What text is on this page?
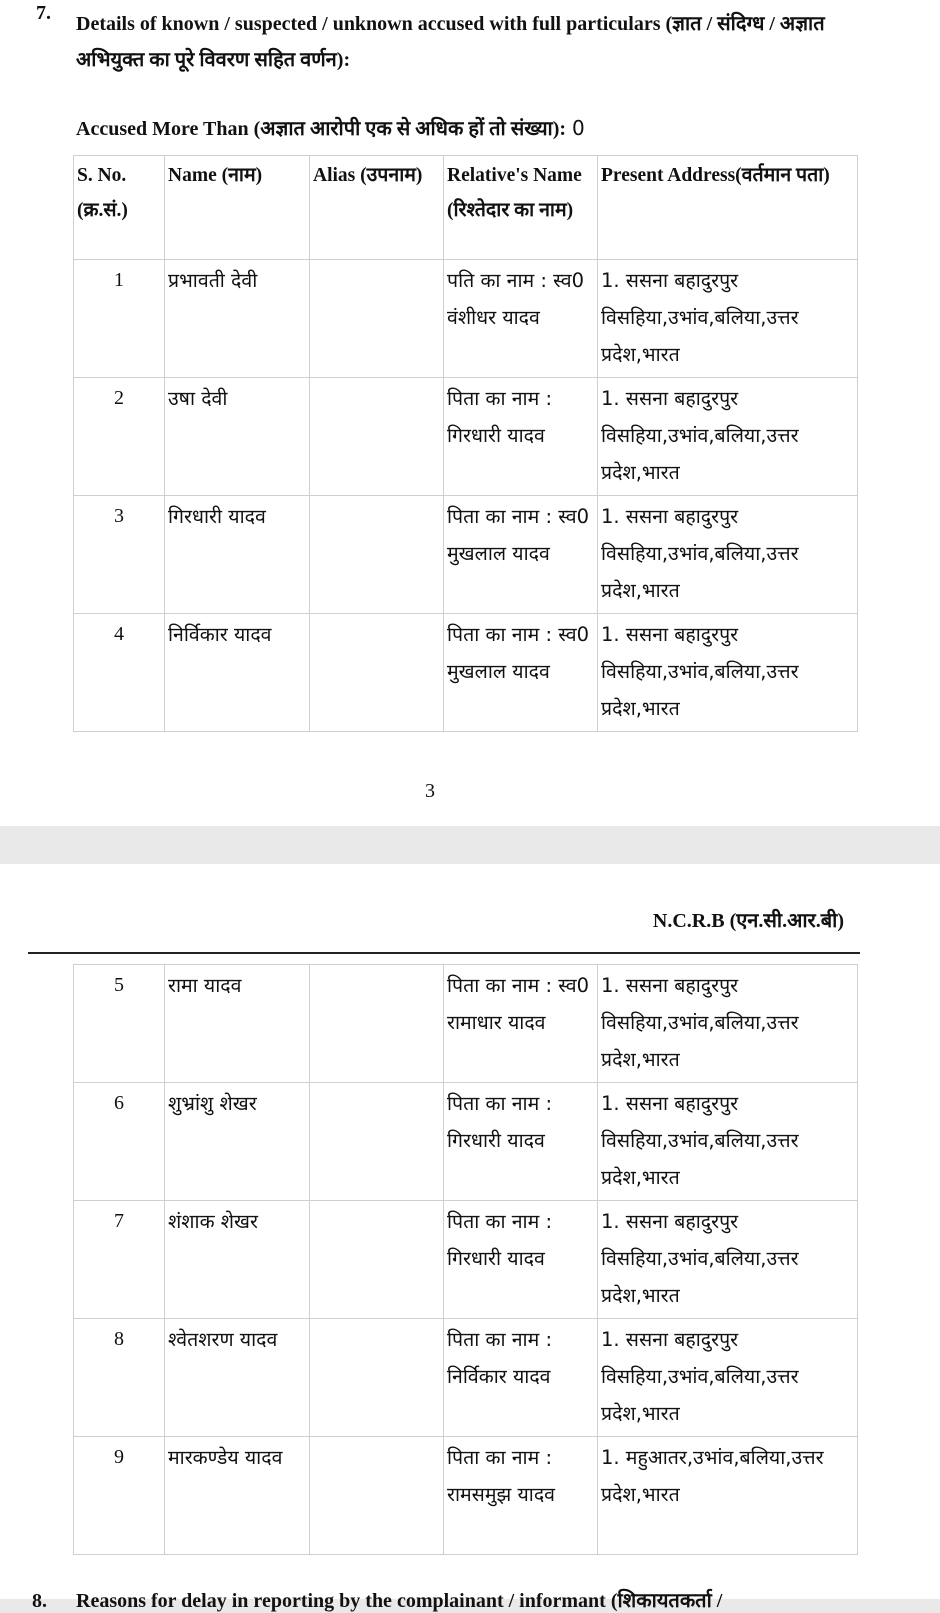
7. Details of known / suspected / unknown accused with full particulars (ज्ञात / संदिग्ध / अज्ञात अभियुक्त का पूरे विवरण सहित वर्णन):
Accused More Than (अज्ञात आरोपी एक से अधिक हों तो संख्या): 0
S. No. (क्र.सं.)	Name (नाम)	Alias (उपनाम)	Relative's Name (रिश्तेदार का नाम)	Present Address(वर्तमान पता)
1	प्रभावती देवी		पति का नाम : स्व0 वंशीधर यादव	1. ससना बहादुरपुर विसहिया,उभांव,बलिया,उत्तर प्रदेश,भारत
2	उषा देवी		पिता का नाम : गिरधारी यादव	1. ससना बहादुरपुर विसहिया,उभांव,बलिया,उत्तर प्रदेश,भारत
3	गिरधारी यादव		पिता का नाम : स्व0 मुखलाल यादव	1. ससना बहादुरपुर विसहिया,उभांव,बलिया,उत्तर प्रदेश,भारत
4	निर्विकार यादव		पिता का नाम : स्व0 मुखलाल यादव	1. ससना बहादुरपुर विसहिया,उभांव,बलिया,उत्तर प्रदेश,भारत
3
N.C.R.B (एन.सी.आर.बी)
5	रामा यादव		पिता का नाम : स्व0 रामाधार यादव	1. ससना बहादुरपुर विसहिया,उभांव,बलिया,उत्तर प्रदेश,भारत
6	शुभ्रांशु शेखर		पिता का नाम : गिरधारी यादव	1. ससना बहादुरपुर विसहिया,उभांव,बलिया,उत्तर प्रदेश,भारत
7	शंशाक शेखर		पिता का नाम : गिरधारी यादव	1. ससना बहादुरपुर विसहिया,उभांव,बलिया,उत्तर प्रदेश,भारत
8	श्वेतशरण यादव		पिता का नाम : निर्विकार यादव	1. ससना बहादुरपुर विसहिया,उभांव,बलिया,उत्तर प्रदेश,भारत
9	मारकण्डेय यादव		पिता का नाम : रामसमुझ यादव	1. महुआतर,उभांव,बलिया,उत्तर प्रदेश,भारत
8. Reasons for delay in reporting by the complainant / informant (शिकायतकर्ता /
